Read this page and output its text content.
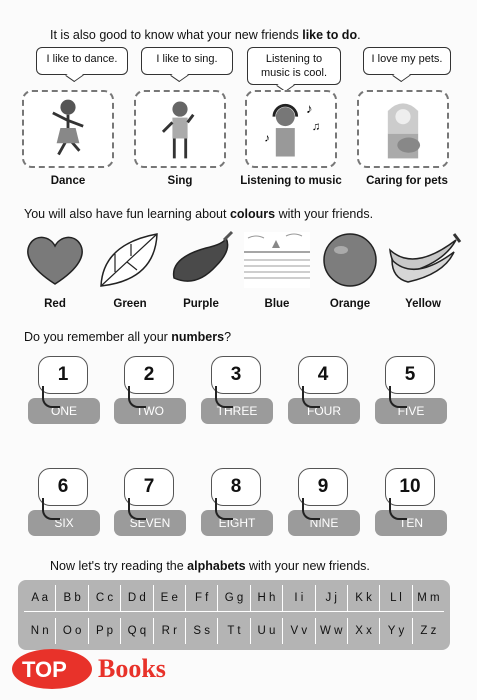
It is also good to know what your new friends like to do.
I like to dance.	I like to sing.	Listening to music is cool.
I love my pets.
♪
♫
♪
Dance	Sing	Listening to music	Caring for pets
You will also have fun learning about colours with your friends.
Red	Green	Purple	Blue	Orange	Yellow
Do you remember all your numbers?
1
ONE
2
TWO
3
THREE
4
FOUR
5
FIVE
6
SIX
7
SEVEN
8
EIGHT
9
NINE
10
TEN
Now let's try reading the alphabets with your new friends.
A a	B b	C c	D d	E e	F f	G g	H h	I i	J j	K k	L l	M m
N n	O o	P p	Q q	R r	S s	T t	U u	V v	W w	X x	Y y	Z z
TOP Books
